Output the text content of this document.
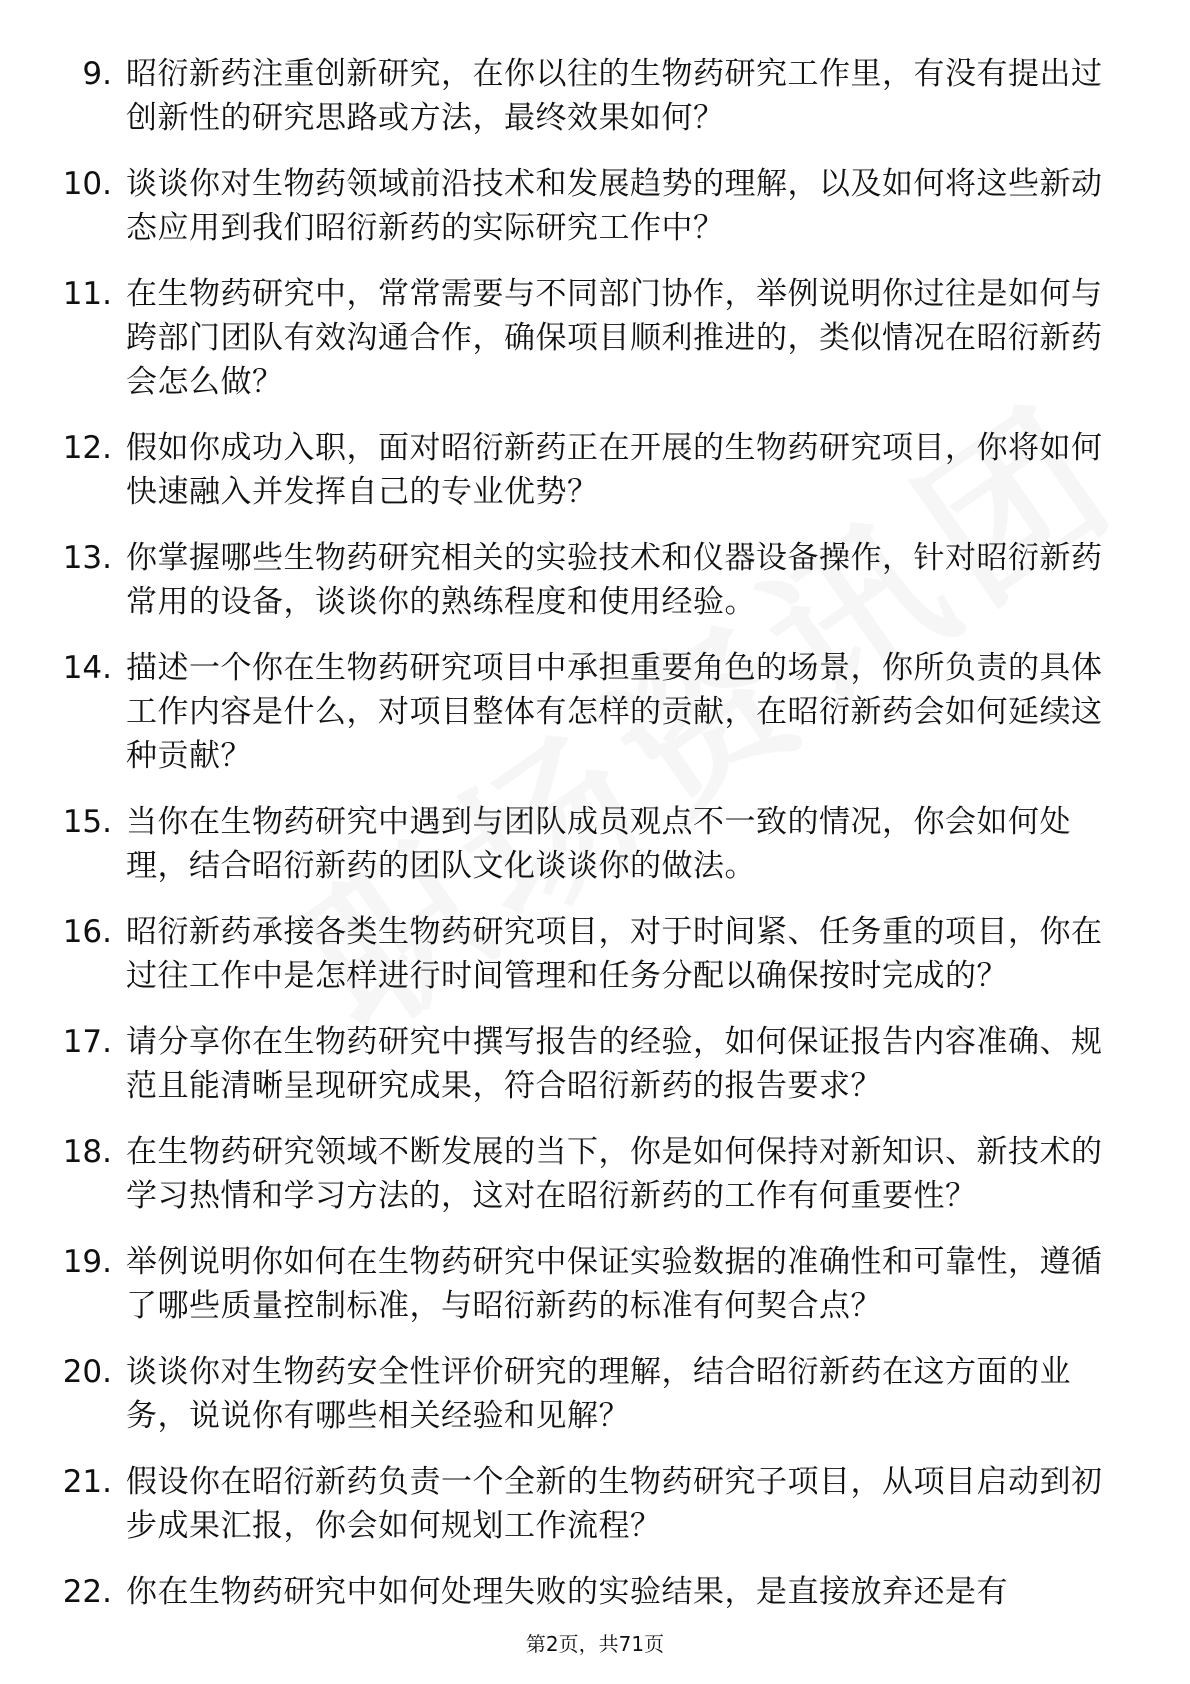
9. 昭衍新药注重创新研究，在你以往的生物药研究工作里，有没有提出过创新性的研究思路或方法，最终效果如何？
10. 谈谈你对生物药领域前沿技术和发展趋势的理解，以及如何将这些新动态应用到我们昭衍新药的实际研究工作中？
11. 在生物药研究中，常常需要与不同部门协作，举例说明你过往是如何与跨部门团队有效沟通合作，确保项目顺利推进的，类似情况在昭衍新药会怎么做？
12. 假如你成功入职，面对昭衍新药正在开展的生物药研究项目，你将如何快速融入并发挥自己的专业优势？
13. 你掌握哪些生物药研究相关的实验技术和仪器设备操作，针对昭衍新药常用的设备，谈谈你的熟练程度和使用经验。
14. 描述一个你在生物药研究项目中承担重要角色的场景，你所负责的具体工作内容是什么，对项目整体有怎样的贡献，在昭衍新药会如何延续这种贡献？
15. 当你在生物药研究中遇到与团队成员观点不一致的情况，你会如何处理，结合昭衍新药的团队文化谈谈你的做法。
16. 昭衍新药承接各类生物药研究项目，对于时间紧、任务重的项目，你在过往工作中是怎样进行时间管理和任务分配以确保按时完成的？
17. 请分享你在生物药研究中撰写报告的经验，如何保证报告内容准确、规范且能清晰呈现研究成果，符合昭衍新药的报告要求？
18. 在生物药研究领域不断发展的当下，你是如何保持对新知识、新技术的学习热情和学习方法的，这对在昭衍新药的工作有何重要性？
19. 举例说明你如何在生物药研究中保证实验数据的准确性和可靠性，遵循了哪些质量控制标准，与昭衍新药的标准有何契合点？
20. 谈谈你对生物药安全性评价研究的理解，结合昭衍新药在这方面的业务，说说你有哪些相关经验和见解？
21. 假设你在昭衍新药负责一个全新的生物药研究子项目，从项目启动到初步成果汇报，你会如何规划工作流程？
22. 你在生物药研究中如何处理失败的实验结果，是直接放弃还是有
第2页，共71页
